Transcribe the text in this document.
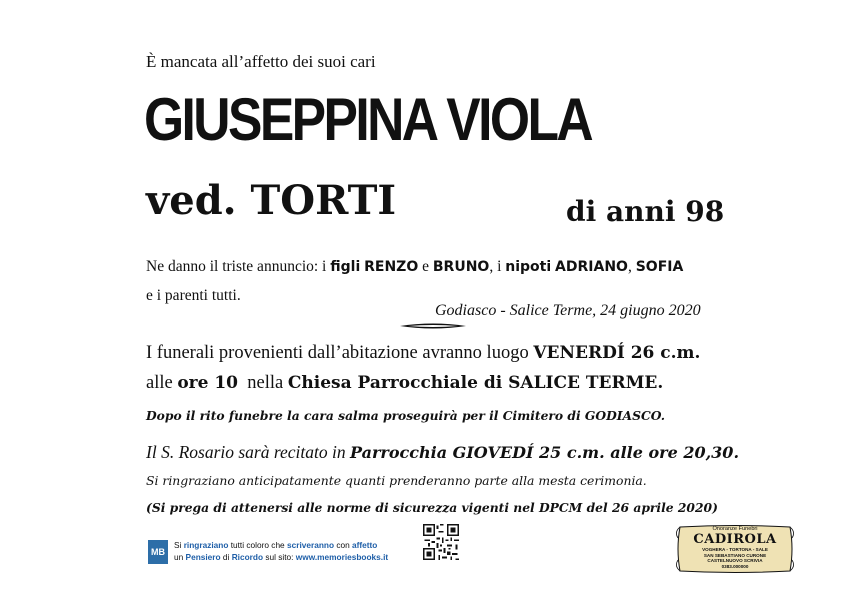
È mancata all’affetto dei suoi cari
GIUSEPPINA VIOLA
ved. TORTI	di anni 98
Ne danno il triste annuncio: i figli RENZO e BRUNO, i nipoti ADRIANO, SOFIA
e i parenti tutti.
Godiasco - Salice Terme, 24 giugno 2020
I funerali provenienti dall’abitazione avranno luogo VENERDÍ 26 c.m.
alle ore 10  nella Chiesa Parrocchiale di SALICE TERME.
Dopo il rito funebre la cara salma proseguirà per il Cimitero di GODIASCO.
Il S. Rosario sarà recitato in Parrocchia GIOVEDÍ 25 c.m. alle ore 20,30.
Si ringraziano anticipatamente quanti prenderanno parte alla mesta cerimonia.
(Si prega di attenersi alle norme di sicurezza vigenti nel DPCM del 26 aprile 2020)
MB
Si ringraziano tutti coloro che scriveranno con affetto
un Pensiero di Ricordo sul sito: www.memoriesbooks.it
Onoranze Funebri
CADIROLA
VOGHERA - TORTONA - SALE
SAN SEBASTIANO CURONE
CASTELNUOVO SCRIVIA
0383.000000
